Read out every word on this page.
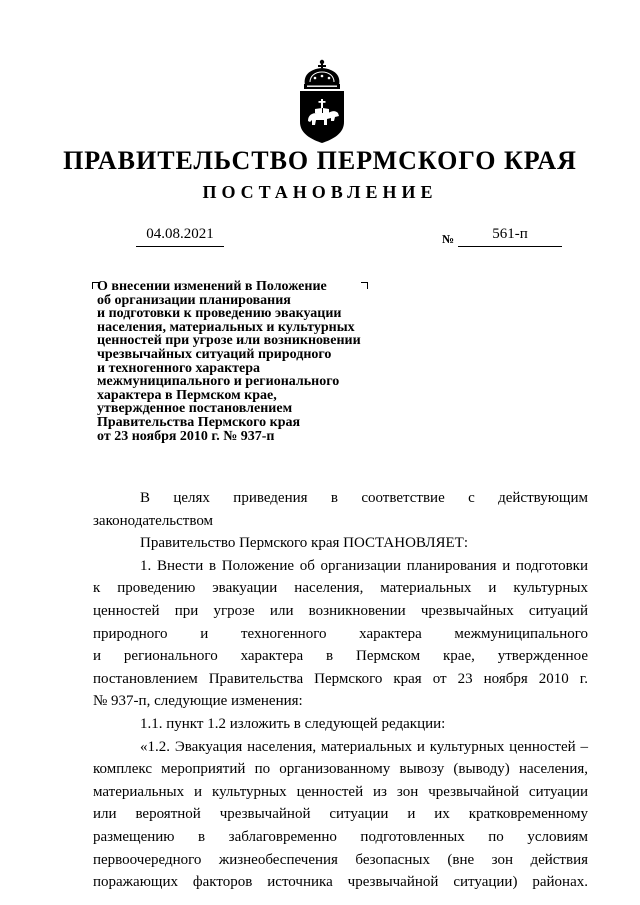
ПРАВИТЕЛЬСТВО ПЕРМСКОГО КРАЯ
ПОСТАНОВЛЕНИЕ
04.08.2021	№	561-п
О внесении изменений в Положение
об организации планирования
и подготовки к проведению эвакуации
населения, материальных и культурных
ценностей при угрозе или возникновении
чрезвычайных ситуаций природного
и техногенного характера
межмуниципального и регионального
характера в Пермском крае,
утвержденное постановлением
Правительства Пермского края
от 23 ноября 2010 г. № 937-п

В целях приведения в соответствие с действующим

законодательством

Правительство Пермского края ПОСТАНОВЛЯЕТ:

1. Внести в Положение об организации планирования и подготовки

к проведению эвакуации населения, материальных и культурных

ценностей при угрозе или возникновении чрезвычайных ситуаций

природного и техногенного характера межмуниципального

и регионального характера в Пермском крае, утвержденное

постановлением Правительства Пермского края от 23 ноября 2010 г.

№ 937-п, следующие изменения:

1.1. пункт 1.2 изложить в следующей редакции:

«1.2. Эвакуация населения, материальных и культурных ценностей –

комплекс мероприятий по организованному вывозу (выводу) населения,

материальных и культурных ценностей из зон чрезвычайной ситуации

или вероятной чрезвычайной ситуации и их кратковременному

размещению в заблаговременно подготовленных по условиям

первоочередного жизнеобеспечения безопасных (вне зон действия

поражающих факторов источника чрезвычайной ситуации) районах.
